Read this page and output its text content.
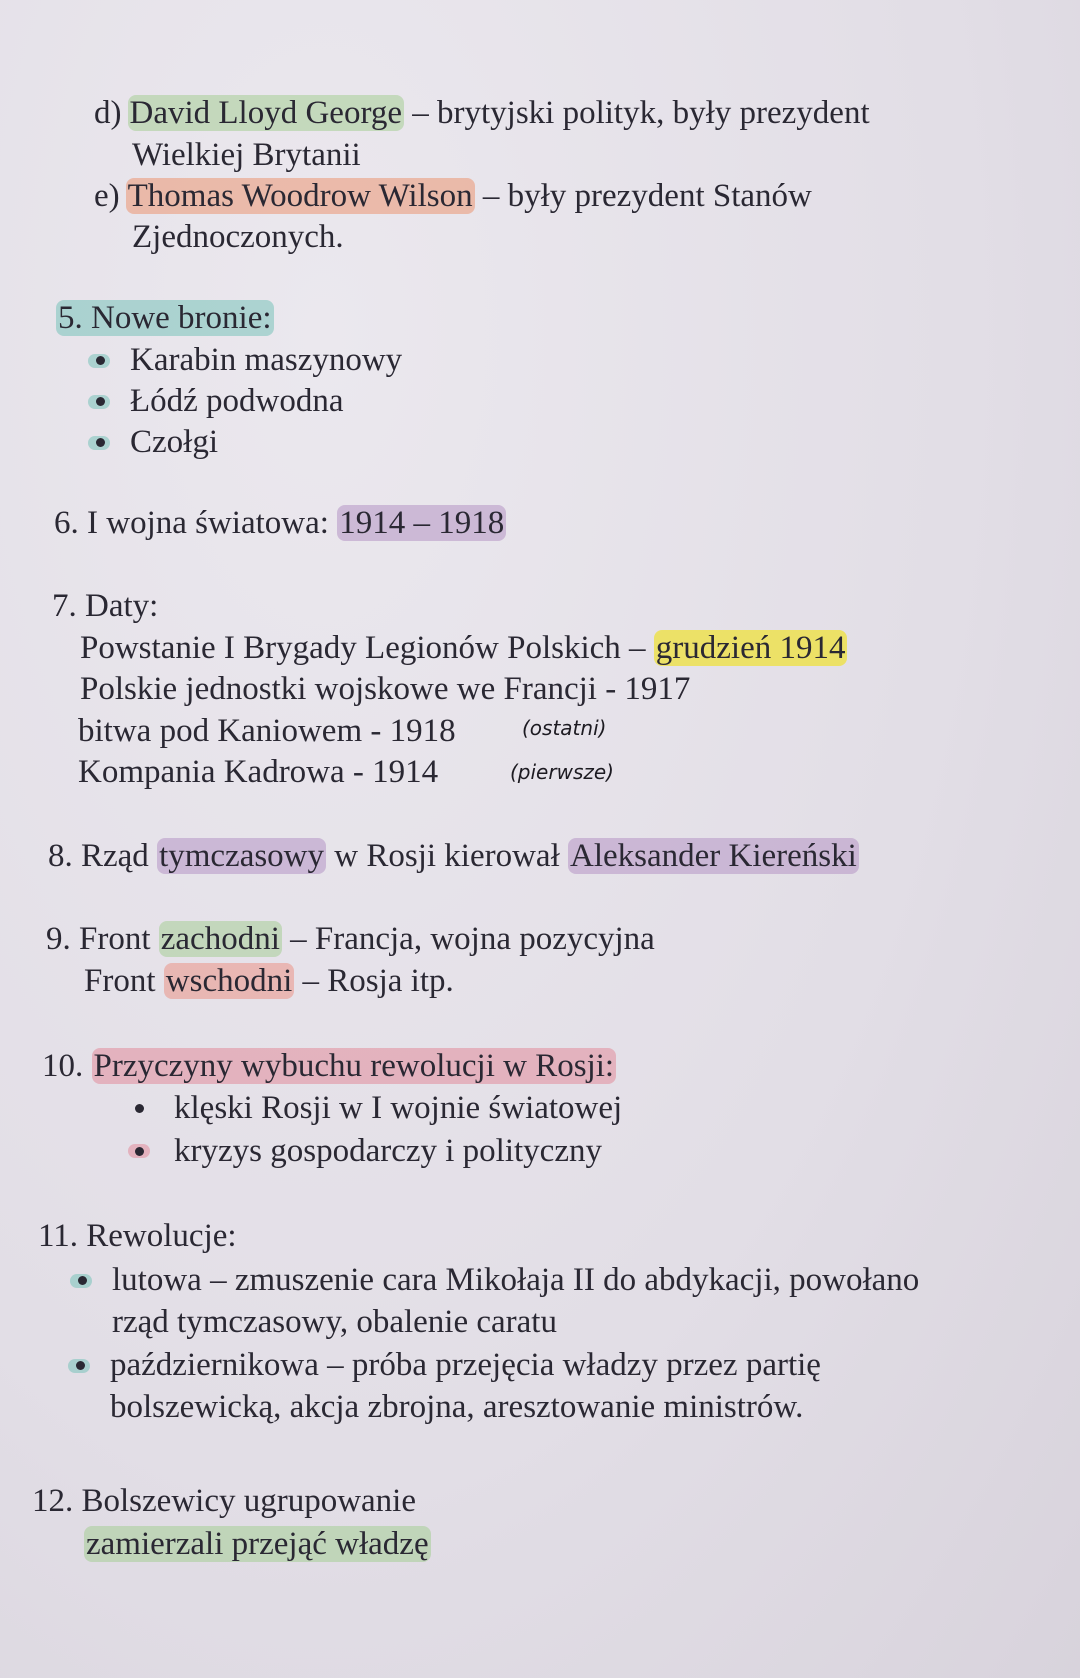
d) David Lloyd George – brytyjski polityk, były prezydent
Wielkiej Brytanii
e) Thomas Woodrow Wilson – były prezydent Stanów
Zjednoczonych.
5. Nowe bronie:
Karabin maszynowy
Łódź podwodna
Czołgi
6. I wojna światowa: 1914 – 1918
7. Daty:
Powstanie I Brygady Legionów Polskich – grudzień 1914
Polskie jednostki wojskowe we Francji - 1917
bitwa pod Kaniowem - 1918	(ostatni)
Kompania Kadrowa - 1914	(pierwsze)
8. Rząd tymczasowy w Rosji kierował Aleksander Kiereński
9. Front zachodni – Francja, wojna pozycyjna
Front wschodni – Rosja itp.
10. Przyczyny wybuchu rewolucji w Rosji:
klęski Rosji w I wojnie światowej
kryzys gospodarczy i polityczny
11. Rewolucje:
lutowa – zmuszenie cara Mikołaja II do abdykacji, powołano
rząd tymczasowy, obalenie caratu
październikowa – próba przejęcia władzy przez partię
bolszewicką, akcja zbrojna, aresztowanie ministrów.
12. Bolszewicy ugrupowanie
zamierzali przejąć władzę
